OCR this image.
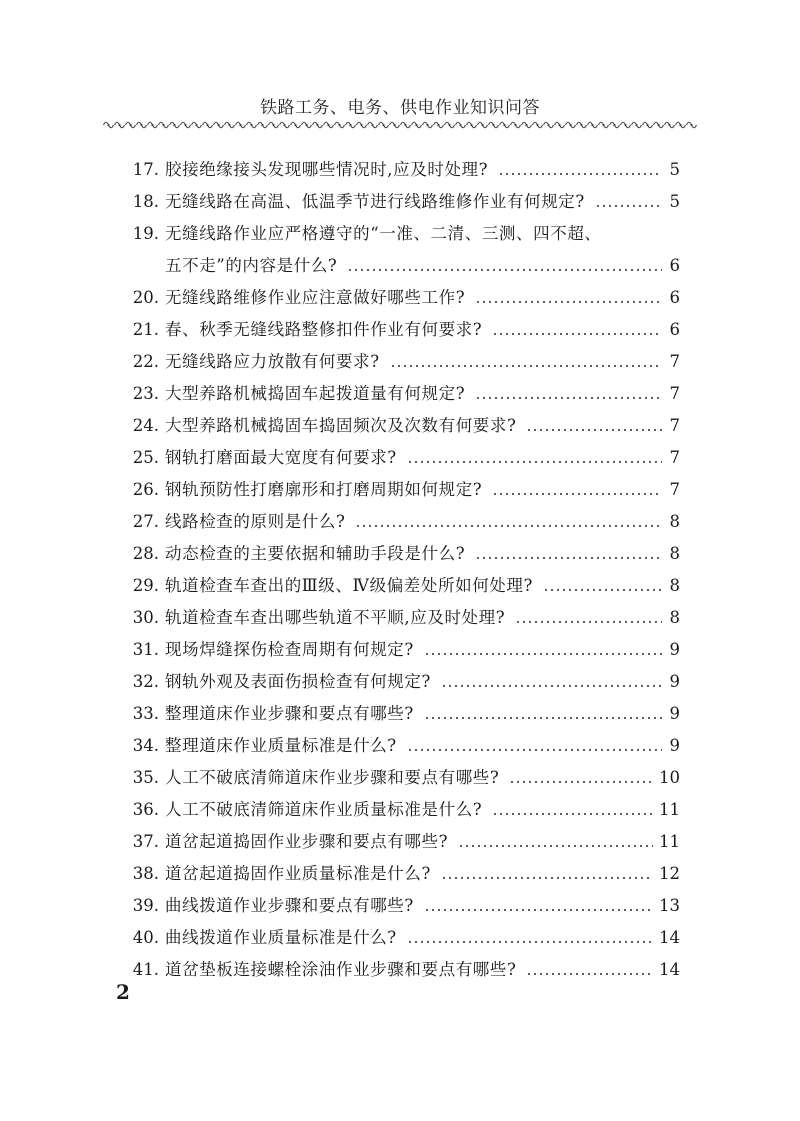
铁路工务、电务、供电作业知识问答
17. 胶接绝缘接头发现哪些情况时,应及时处理?	5
18. 无缝线路在高温、低温季节进行线路维修作业有何规定?	5
19. 无缝线路作业应严格遵守的“一准、二清、三测、四不超、
五不走”的内容是什么?	6
20. 无缝线路维修作业应注意做好哪些工作?	6
21. 春、秋季无缝线路整修扣件作业有何要求?	6
22. 无缝线路应力放散有何要求?	7
23. 大型养路机械捣固车起拨道量有何规定?	7
24. 大型养路机械捣固车捣固频次及次数有何要求?	7
25. 钢轨打磨面最大宽度有何要求?	7
26. 钢轨预防性打磨廓形和打磨周期如何规定?	7
27. 线路检查的原则是什么?	8
28. 动态检查的主要依据和辅助手段是什么?	8
29. 轨道检查车查出的Ⅲ级、Ⅳ级偏差处所如何处理?	8
30. 轨道检查车查出哪些轨道不平顺,应及时处理?	8
31. 现场焊缝探伤检查周期有何规定?	9
32. 钢轨外观及表面伤损检查有何规定?	9
33. 整理道床作业步骤和要点有哪些?	9
34. 整理道床作业质量标准是什么?	9
35. 人工不破底清筛道床作业步骤和要点有哪些?	10
36. 人工不破底清筛道床作业质量标准是什么?	11
37. 道岔起道捣固作业步骤和要点有哪些?	11
38. 道岔起道捣固作业质量标准是什么?	12
39. 曲线拨道作业步骤和要点有哪些?	13
40. 曲线拨道作业质量标准是什么?	14
41. 道岔垫板连接螺栓涂油作业步骤和要点有哪些?	14
2
